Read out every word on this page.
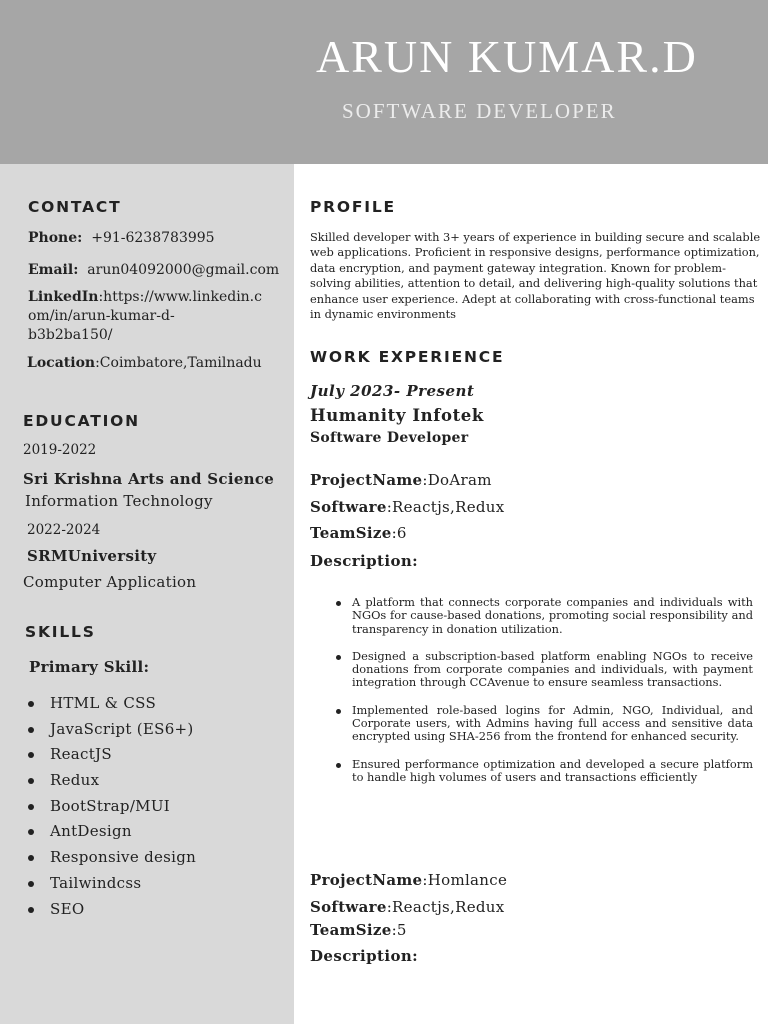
ARUN KUMAR.D
SOFTWARE DEVELOPER
CONTACT
Phone: +91-6238783995
Email: arun04092000@gmail.com
LinkedIn:https://www.linkedin.c
om/in/arun-kumar-d-
b3b2ba150/
Location:Coimbatore,Tamilnadu
EDUCATION
2019-2022
Sri Krishna Arts and Science
Information Technology
2022-2024
SRMUniversity
Computer Application
SKILLS
Primary Skill:
HTML & CSS
JavaScript (ES6+)
ReactJS
Redux
BootStrap/MUI
AntDesign
Responsive design
Tailwindcss
SEO
PROFILE
Skilled developer with 3+ years of experience in building secure and scalable web applications. Proficient in responsive designs, performance optimization, data encryption, and payment gateway integration. Known for problem-solving abilities, attention to detail, and delivering high-quality solutions that enhance user experience. Adept at collaborating with cross-functional teams in dynamic environments
WORK EXPERIENCE
July 2023- Present
Humanity Infotek
Software Developer
ProjectName:DoAram
Software:Reactjs,Redux
TeamSize:6
Description:
A platform that connects corporate companies and individuals with NGOs for cause-based donations, promoting social responsibility and transparency in donation utilization.
Designed a subscription-based platform enabling NGOs to receive donations from corporate companies and individuals, with payment integration through CCAvenue to ensure seamless transactions.
Implemented role-based logins for Admin, NGO, Individual, and Corporate users, with Admins having full access and sensitive data encrypted using SHA-256 from the frontend for enhanced security.
Ensured performance optimization and developed a secure platform to handle high volumes of users and transactions efficiently
ProjectName:Homlance
Software:Reactjs,Redux
TeamSize:5
Description:
